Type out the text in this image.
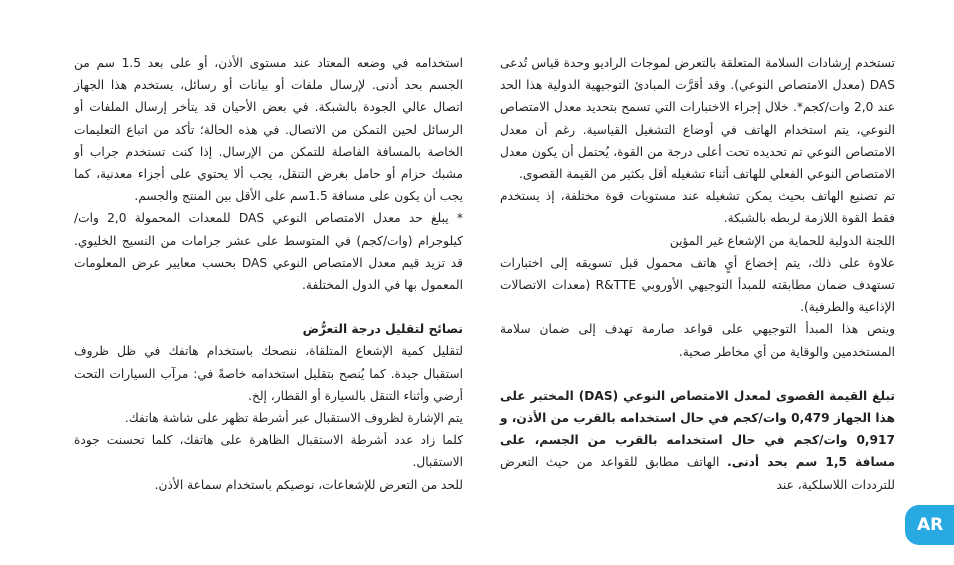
تستخدم إرشادات السلامة المتعلقة بالتعرض لموجات الراديو وحدة قياس تُدعى DAS (معدل الامتصاص النوعي). وقد أقرَّت المبادئ التوجيهية الدولية هذا الحد عند 2,0 وات/كجم*. خلال إجراء الاختبارات التي تسمح بتحديد معدل الامتصاص النوعي، يتم استخدام الهاتف في أوضاع التشغيل القياسية. رغم أن معدل الامتصاص النوعي تم تحديده تحت أعلى درجة من القوة، يُحتمل أن يكون معدل الامتصاص النوعي الفعلي للهاتف أثناء تشغيله أقل بكثير من القيمة القصوى.

تم تصنيع الهاتف بحيث يمكن تشغيله عند مستويات قوة مختلفة، إذ يستخدم فقط القوة اللازمة لربطه بالشبكة.

اللجنة الدولية للحماية من الإشعاع غير المؤين

علاوة على ذلك، يتم إخضاع أيٍ هاتف محمول قبل تسويقه إلى اختبارات تستهدف ضمان مطابقته للمبدأ التوجيهي الأوروبي R&TTE (معدات الاتصالات الإذاعية والطرفية).

وينص هذا المبدأ التوجيهي على قواعد صارمة تهدف إلى ضمان سلامة المستخدمين والوقاية من أي مخاطر صحية.

تبلغ القيمة القصوى لمعدل الامتصاص النوعي (DAS) المختبر على هذا الجهاز 0,479 وات/كجم في حال استخدامه بالقرب من الأذن، و 0,917 وات/كجم في حال استخدامه بالقرب من الجسم، على مسافة 1,5 سم بحد أدنى. الهاتف مطابق للقواعد من حيث التعرض للترددات اللاسلكية، عند

استخدامه في وضعه المعتاد عند مستوى الأذن، أو على بعد 1.5 سم من الجسم بحد أدنى. لإرسال ملفات أو بيانات أو رسائل، يستخدم هذا الجهاز اتصال عالي الجودة بالشبكة. في بعض الأحيان قد يتأخر إرسال الملفات أو الرسائل لحين التمكن من الاتصال. في هذه الحالة؛ تأكد من اتباع التعليمات الخاصة بالمسافة الفاصلة للتمكن من الإرسال. إذا كنت تستخدم جراب أو مشبك حزام أو حامل بغرض التنقل، يجب ألا يحتوي على أجزاء معدنية، كما يجب أن يكون على مسافة 1.5سم على الأقل بين المنتج والجسم.

* يبلغ حد معدل الامتصاص النوعي DAS للمعدات المحمولة 2,0 وات/كيلوجرام (وات/كجم) في المتوسط على عشر جرامات من النسيج الخليوي. قد تزيد قيم معدل الامتصاص النوعي DAS بحسب معايير عرض المعلومات المعمول بها في الدول المختلفة.

نصائح لتقليل درجة التعرُّض

لتقليل كمية الإشعاع المتلقاة، ننصحك باستخدام هاتفك في ظل ظروف استقبال جيدة. كما يُنصح بتقليل استخدامه خاصةً في: مرآب السيارات التحت أرضي وأثناء التنقل بالسيارة أو القطار، إلخ.

يتم الإشارة لظروف الاستقبال عبر أشرطة تظهر على شاشة هاتفك.

كلما زاد عدد أشرطة الاستقبال الظاهرة على هاتفك، كلما تحسنت جودة الاستقبال.

للحد من التعرض للإشعاعات، نوصيكم باستخدام سماعة الأذن.

AR
